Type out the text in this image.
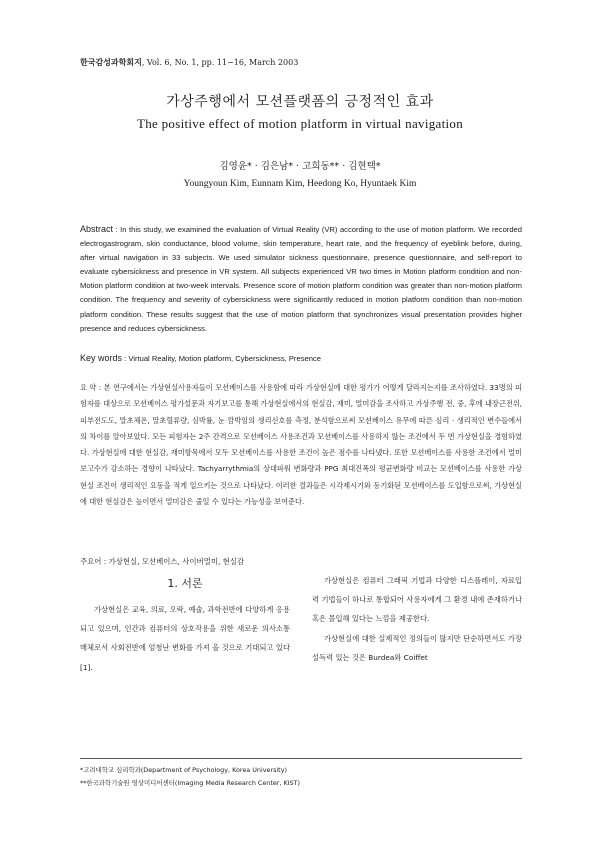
한국감성과학회지, Vol. 6, No. 1, pp. 11−16, March 2003
가상주행에서 모션플랫폼의 긍정적인 효과
The positive effect of motion platform in virtual navigation
김영윤* · 김은남* · 고희동** · 김현택*
Youngyoun Kim, Eunnam Kim, Heedong Ko, Hyuntaek Kim
Abstract : In this study, we examined the evaluation of Virtual Reality (VR) according to the use of motion platform. We recorded electrogastrogram, skin conductance, blood volume, skin temperature, heart rate, and the frequency of eyeblink before, during, after virtual navigation in 33 subjects. We used simulator sickness questionnaire, presence questionnaire, and self-report to evaluate cybersickness and presence in VR system. All subjects experienced VR two times in Motion platform condition and non-Motion platform condition at two-week intervals. Presence score of motion platform condition was greater than non-motion platform condition. The frequency and severity of cybersickness were significantly reduced in motion platform condition than non-motion platform condition. These results suggest that the use of motion platform that synchronizes visual presentation provides higher presence and reduces cybersickness.
Key words : Virtual Reality, Motion platform, Cybersickness, Presence
요 약 : 본 연구에서는 가상현실사용자들이 모션베이스를 사용함에 따라 가상현실에 대한 평가가 어떻게 달라지는지를 조사하였다. 33명의 피험자를 대상으로 모션베이스 평가설문과 자기보고를 통해 가상현실에서의 현실감, 재미, 멀미감을 조사하고 가상주행 전, 중, 후에 내장근전위, 피부전도도, 말초체온, 말초혈류량, 심박률, 눈 깜박임의 생리신호를 측정, 분석함으로써 모션베이스 유무에 따른 심리 · 생리적인 변수들에서의 차이를 알아보았다. 모든 피험자는 2주 간격으로 모션베이스 사용조건과 모션베이스를 사용하지 않는 조건에서 두 번 가상현실을 경험하였다. 가상현실에 대한 현실감, 재미항목에서 모두 모션베이스를 사용한 조건이 높은 점수를 나타냈다. 또한 모션베이스를 사용한 조건에서 멀미보고수가 감소하는 경향이 나타났다. Tachyarrythmia의 상대파워 변화량과 PPG 최대진폭의 평균변화량 비교는 모션베이스를 사용한 가상현실 조건이 생리적인 요동을 적게 일으키는 것으로 나타났다. 이러한 결과들은 시각제시기와 동기화된 모션베이스를 도입함으로써, 가상현실에 대한 현실감은 높이면서 멀미감은 줄일 수 있다는 가능성을 보여준다.
주요어 : 가상현실, 모션베이스, 사이버멀미, 현실감
1. 서론
가상현실은 교육, 의료, 오락, 예술, 과학전반에 다양하게 응용되고 있으며, 인간과 컴퓨터의 상호작용을 위한 새로운 의사소통 매체로서 사회전반에 엄청난 변화를 가져 올 것으로 기대되고 있다[1].

가상현실은 컴퓨터 그래픽 기법과 다양한 디스플레이, 자료입력 기법들이 하나로 통합되어 사용자에게 그 환경 내에 존재하거나 혹은 몰입해 있다는 느낌을 제공한다.

가상현실에 대한 실제적인 정의들이 많지만 단순하면서도 가장 설득력 있는 것은 Burdea와 Coiffet

*고려대학교 심리학과(Department of Psychology, Korea University)
**한국과학기술원 영상미디어센터(Imaging Media Research Center, KIST)
